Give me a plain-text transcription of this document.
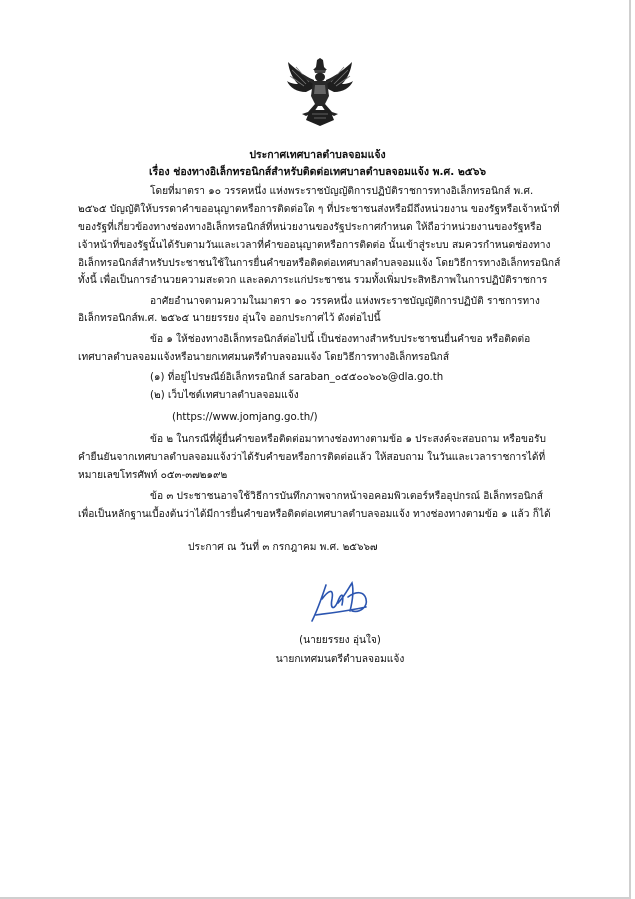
ประกาศเทศบาลตำบลจอมแจ้ง
เรื่อง ช่องทางอิเล็กทรอนิกส์สำหรับติดต่อเทศบาลตำบลจอมแจ้ง พ.ศ. ๒๕๖๖
โดยที่มาตรา ๑๐ วรรคหนึ่ง แห่งพระราชบัญญัติการปฏิบัติราชการทางอิเล็กทรอนิกส์ พ.ศ.
๒๕๖๕ บัญญัติให้บรรดาคำขออนุญาตหรือการติดต่อใด ๆ ที่ประชาชนส่งหรือมีถึงหน่วยงาน ของรัฐหรือเจ้าหน้าที่
ของรัฐที่เกี่ยวข้องทางช่องทางอิเล็กทรอนิกส์ที่หน่วยงานของรัฐประกาศกำหนด ให้ถือว่าหน่วยงานของรัฐหรือ
เจ้าหน้าที่ของรัฐนั้นได้รับตามวันและเวลาที่คำขออนุญาตหรือการติดต่อ นั้นเข้าสู่ระบบ สมควรกำหนดช่องทาง
อิเล็กทรอนิกส์สำหรับประชาชนใช้ในการยื่นคำขอหรือติดต่อเทศบาลตำบลจอมแจ้ง โดยวิธีการทางอิเล็กทรอนิกส์
ทั้งนี้ เพื่อเป็นการอำนวยความสะดวก และลดภาระแก่ประชาชน รวมทั้งเพิ่มประสิทธิภาพในการปฏิบัติราชการ
อาศัยอำนาจตามความในมาตรา ๑๐ วรรคหนึ่ง แห่งพระราชบัญญัติการปฏิบัติ ราชการทาง
อิเล็กทรอนิกส์พ.ศ. ๒๕๖๕ นายยรรยง อุ่นใจ ออกประกาศไว้ ดังต่อไปนี้
ข้อ ๑ ให้ช่องทางอิเล็กทรอนิกส์ต่อไปนี้ เป็นช่องทางสำหรับประชาชนยื่นคำขอ หรือติดต่อ
เทศบาลตำบลจอมแจ้งหรือนายกเทศมนตรีตำบลจอมแจ้ง โดยวิธีการทางอิเล็กทรอนิกส์
(๑) ที่อยู่ไปรษณีย์อิเล็กทรอนิกส์ saraban_๐๕๕๐๐๖๐๖@dla.go.th
(๒) เว็บไซต์เทศบาลตำบลจอมแจ้ง
(https://www.jomjang.go.th/)
ข้อ ๒ ในกรณีที่ผู้ยื่นคำขอหรือติดต่อมาทางช่องทางตามข้อ ๑ ประสงค์จะสอบถาม หรือขอรับ
คำยืนยันจากเทศบาลตำบลจอมแจ้งว่าได้รับคำขอหรือการติดต่อแล้ว ให้สอบถาม ในวันและเวลาราชการได้ที่
หมายเลขโทรศัพท์ ๐๕๓-๓๗๒๑๙๒
ข้อ ๓ ประชาชนอาจใช้วิธีการบันทึกภาพจากหน้าจอคอมพิวเตอร์หรืออุปกรณ์ อิเล็กทรอนิกส์
เพื่อเป็นหลักฐานเบื้องต้นว่าได้มีการยื่นคำขอหรือติดต่อเทศบาลตำบลจอมแจ้ง ทางช่องทางตามข้อ ๑ แล้ว ก็ได้
ประกาศ ณ วันที่ ๓ กรกฎาคม พ.ศ. ๒๕๖๖๗
(นายยรรยง อุ่นใจ)
นายกเทศมนตรีตำบลจอมแจ้ง
